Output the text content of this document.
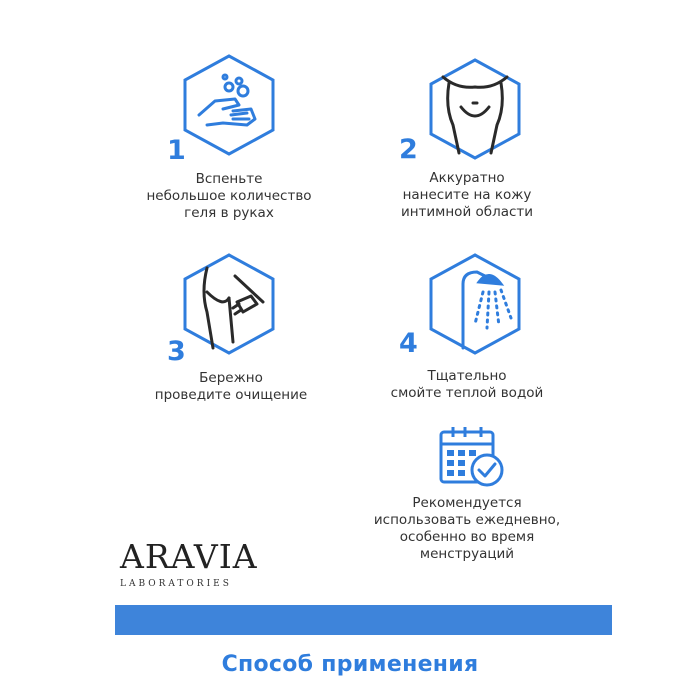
1
Вспеньте
небольшое количество
геля в руках
2
Аккуратно
нанесите на кожу
интимной области
3
Бережно
проведите очищение
4
Тщательно
смойте теплой водой
Рекомендуется
использовать ежедневно,
особенно во время
менструаций
ARAVIA
LABORATORIES
Способ применения
